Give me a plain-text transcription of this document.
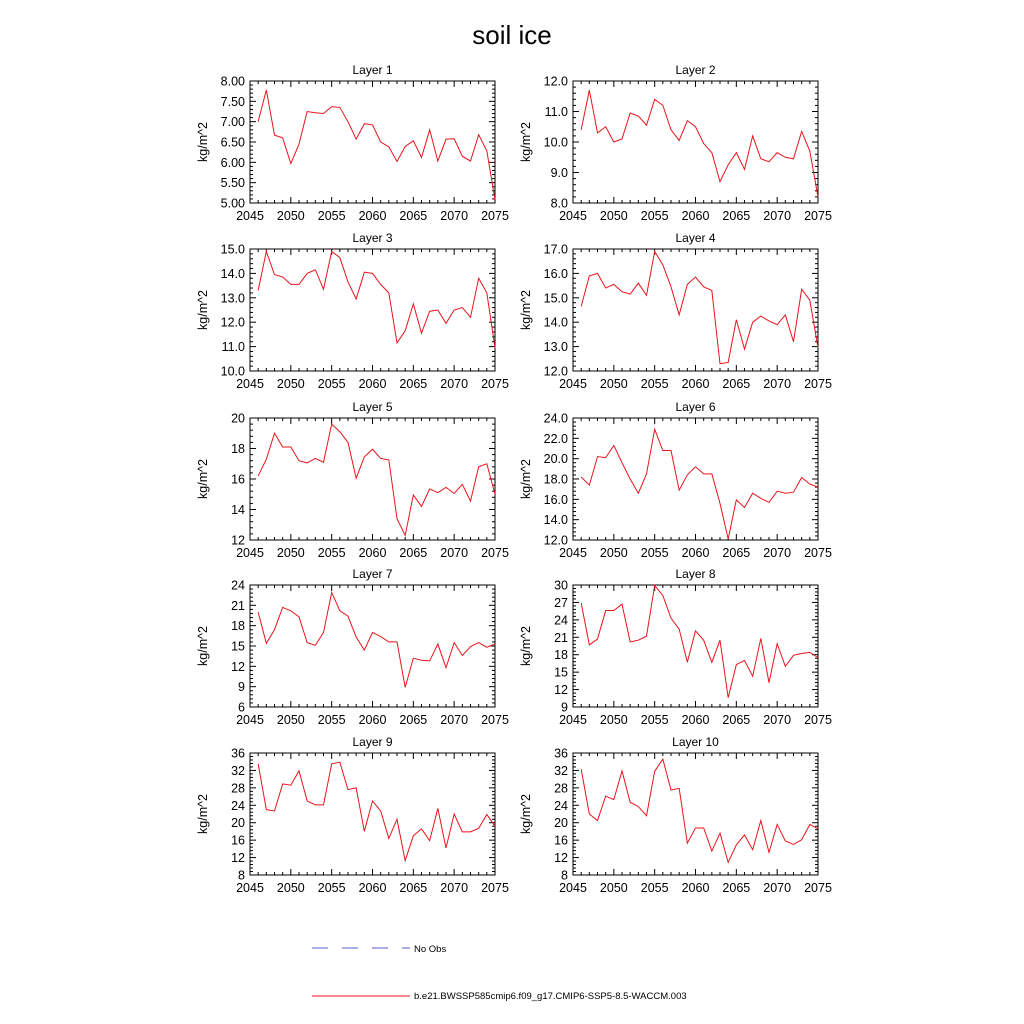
soil ice
Layer 1
2045 2050 2055 2060 2065 2070 2075
5.00
5.50
6.00
6.50
7.00
7.50
8.00
kg/m^2
Layer 2
2045 2050 2055 2060 2065 2070 2075
8.0
9.0
10.0
11.0
12.0
kg/m^2
Layer 3
2045 2050 2055 2060 2065 2070 2075
10.0
11.0
12.0
13.0
14.0
15.0
kg/m^2
Layer 4
2045 2050 2055 2060 2065 2070 2075
12.0
13.0
14.0
15.0
16.0
17.0
kg/m^2
Layer 5
2045 2050 2055 2060 2065 2070 2075
12
14
16
18
20
kg/m^2
Layer 6
2045 2050 2055 2060 2065 2070 2075
12.0
14.0
16.0
18.0
20.0
22.0
24.0
kg/m^2
Layer 7
2045 2050 2055 2060 2065 2070 2075
6
9
12
15
18
21
24
kg/m^2
Layer 8
2045 2050 2055 2060 2065 2070 2075
9
12
15
18
21
24
27
30
kg/m^2
Layer 9
2045 2050 2055 2060 2065 2070 2075
8
12
16
20
24
28
32
36
kg/m^2
Layer 10
2045 2050 2055 2060 2065 2070 2075
8
12
16
20
24
28
32
36
kg/m^2
No Obs
b.e21.BWSSP585cmip6.f09_g17.CMIP6-SSP5-8.5-WACCM.003
